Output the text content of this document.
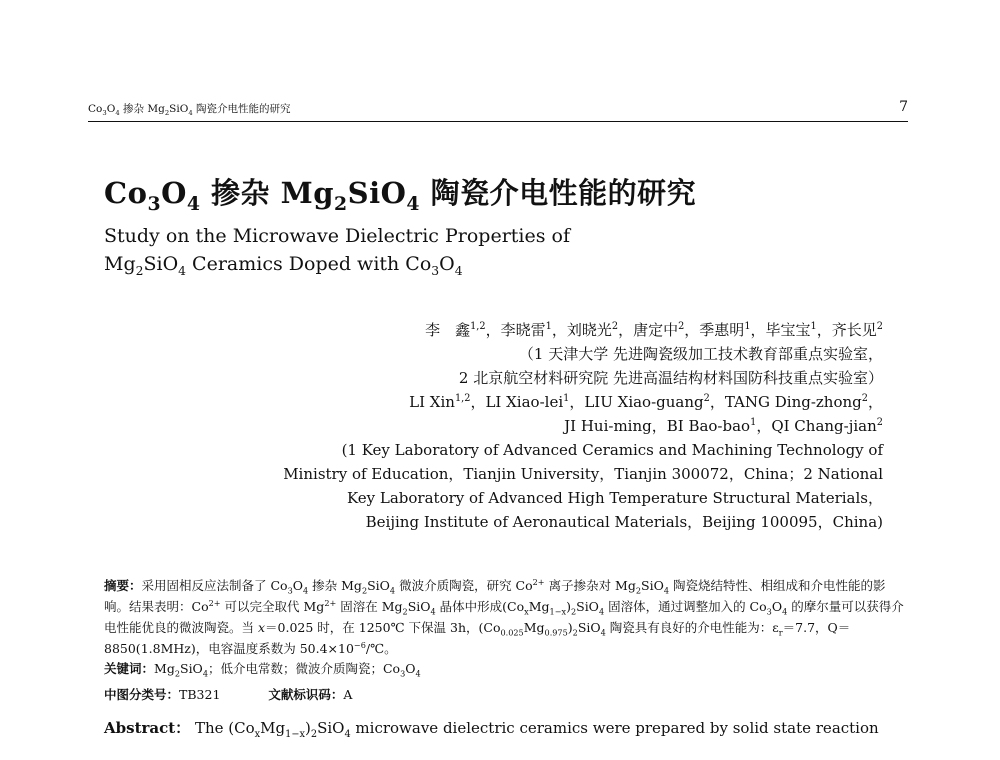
$Co_3O_4$ 掺杂 $Mg_2SiO_4$ 陶瓷介电性能的研究	7
$Co_3O_4$ 掺杂 $Mg_2SiO_4$ 陶瓷介电性能的研究
Study on the Microwave Dielectric Properties of
$Mg_2SiO_4$ Ceramics Doped with $Co_3O_4$
李　鑫$^{1,2}$，李晓雷$^1$，刘晓光$^2$，唐定中$^2$，季惠明$^1$，毕宝宝$^1$，齐长见$^2$
（1 天津大学 先进陶瓷级加工技术教育部重点实验室，
2 北京航空材料研究院 先进高温结构材料国防科技重点实验室）
LI Xin$^{1,2}$，LI Xiao-lei$^1$，LIU Xiao-guang$^2$，TANG Ding-zhong$^2$，
JI Hui-ming，BI Bao-bao$^1$，QI Chang-jian$^2$
(1 Key Laboratory of Advanced Ceramics and Machining Technology of
Ministry of Education，Tianjin University，Tianjin 300072，China；2 National
Key Laboratory of Advanced High Temperature Structural Materials，
Beijing Institute of Aeronautical Materials，Beijing 100095，China)
摘要：采用固相反应法制备了 $Co_3O_4$ 掺杂 $Mg_2SiO_4$ 微波介质陶瓷，研究 $Co^{2+}$ 离子掺杂对 $Mg_2SiO_4$ 陶瓷烧结特性、相组成和介电性能的影响。结果表明：$Co^{2+}$ 可以完全取代 $Mg^{2+}$ 固溶在 $Mg_2SiO_4$ 晶体中形成$(Co_xMg_{1-x})_2SiO_4$ 固溶体，通过调整加入的 $Co_3O_4$ 的摩尔量可以获得介电性能优良的微波陶瓷。当 x＝0.025 时，在 1250℃ 下保温 3h，$(Co_{0.025}Mg_{0.975})_2SiO_4$ 陶瓷具有良好的介电性能为：$\varepsilon_r=7.7$，Q＝8850(1.8MHz)，电容温度系数为 $50.4\times 10^{-6}/℃$。
关键词：$Mg_2SiO_4$；低介电常数；微波介质陶瓷；$Co_3O_4$
中图分类号：TB321	文献标识码：A
Abstract： The $(Co_xMg_{1-x})_2SiO_4$ microwave dielectric ceramics were prepared by solid state reaction
